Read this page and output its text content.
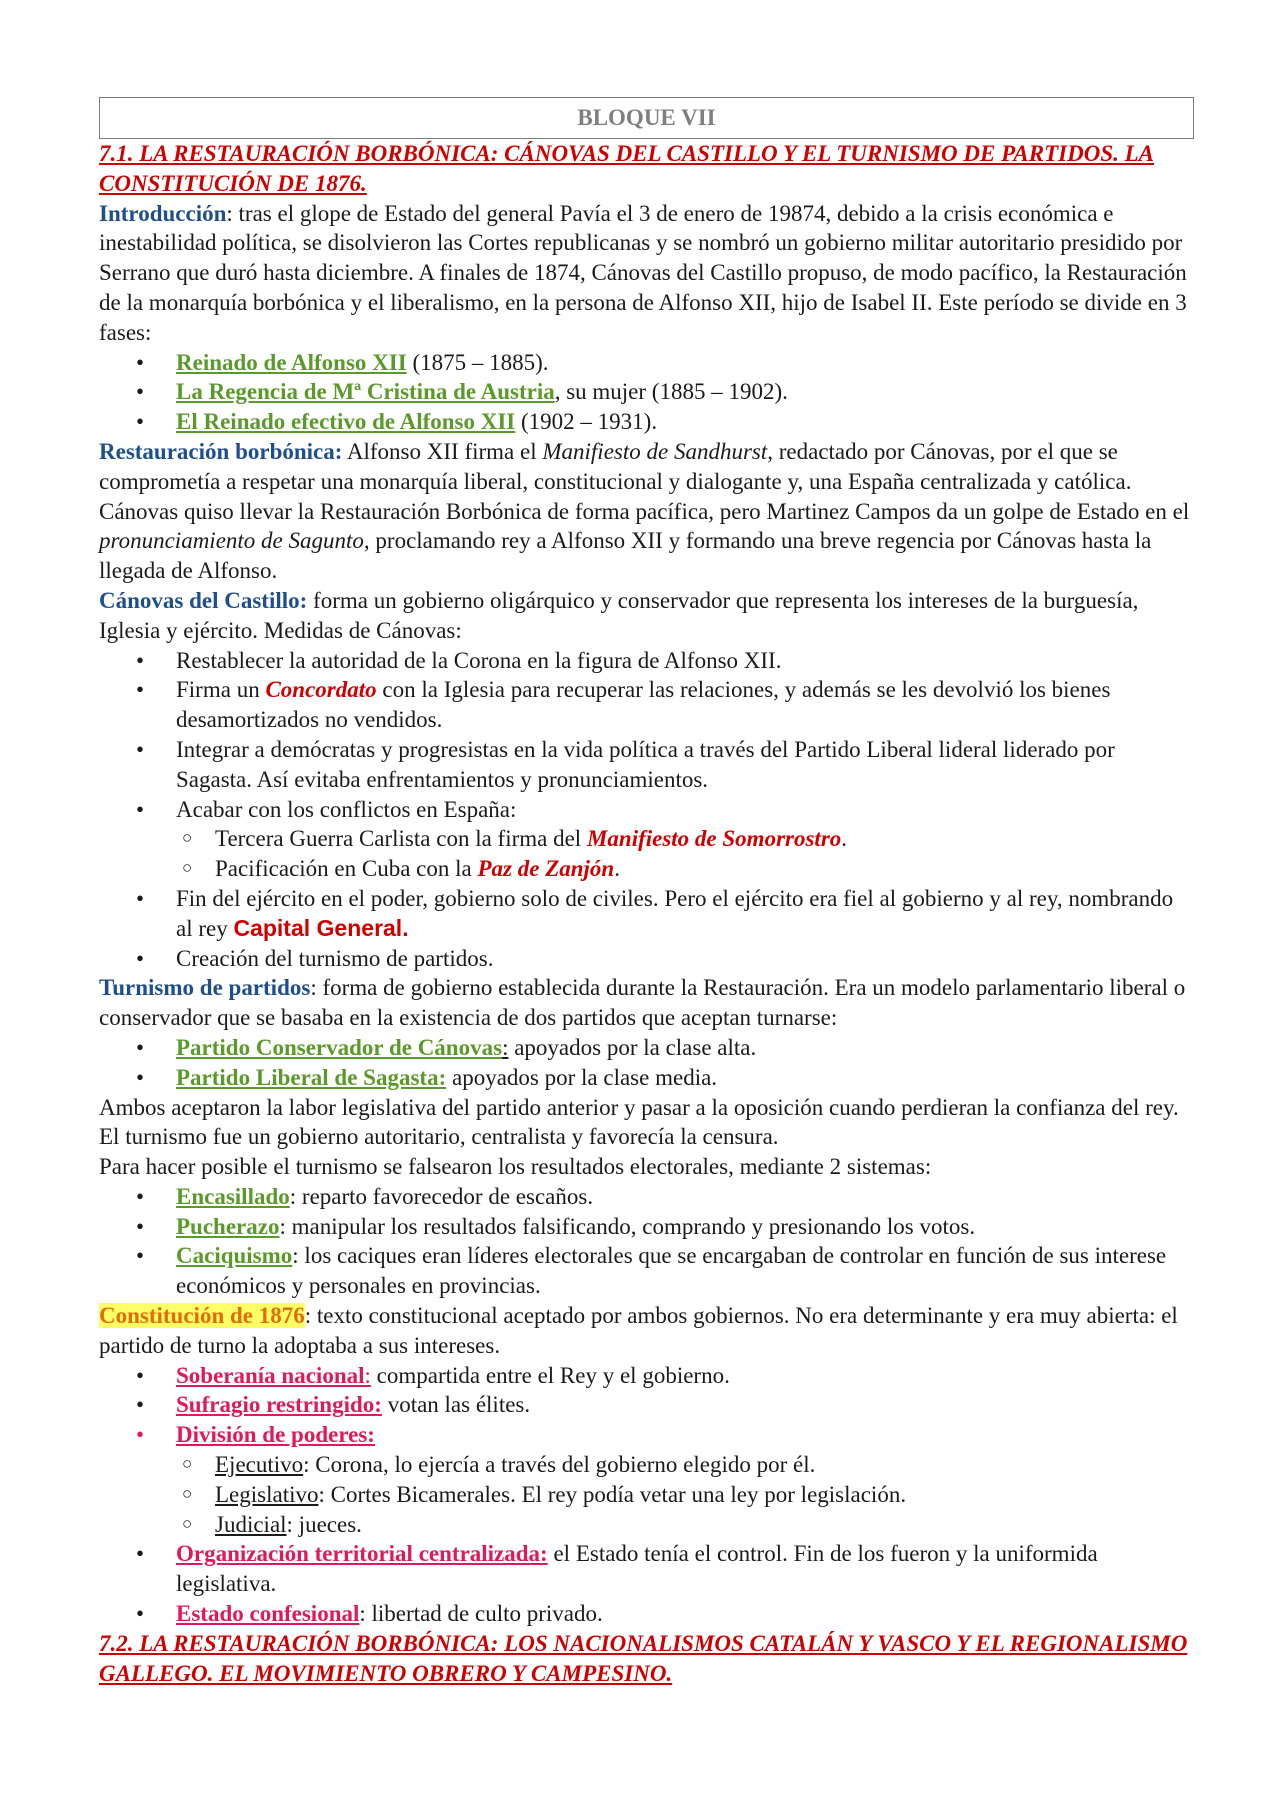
BLOQUE VII

7.1. LA RESTAURACIÓN BORBÓNICA: CÁNOVAS DEL CASTILLO Y EL TURNISMO DE PARTIDOS. LA CONSTITUCIÓN DE 1876.

Introducción: tras el glope de Estado del general Pavía el 3 de enero de 19874, debido a la crisis económica e inestabilidad política, se disolvieron las Cortes republicanas y se nombró un gobierno militar autoritario presidido por Serrano que duró hasta diciembre. A finales de 1874, Cánovas del Castillo propuso, de modo pacífico, la Restauración de la monarquía borbónica y el liberalismo, en la persona de Alfonso XII, hijo de Isabel II. Este período se divide en 3 fases:

• Reinado de Alfonso XII (1875 – 1885).
• La Regencia de Mª Cristina de Austria, su mujer (1885 – 1902).
• El Reinado efectivo de Alfonso XII (1902 – 1931).

Restauración borbónica: Alfonso XII firma el Manifiesto de Sandhurst, redactado por Cánovas, por el que se comprometía a respetar una monarquía liberal, constitucional y dialogante y, una España centralizada y católica. Cánovas quiso llevar la Restauración Borbónica de forma pacífica, pero Martinez Campos da un golpe de Estado en el pronunciamiento de Sagunto, proclamando rey a Alfonso XII y formando una breve regencia por Cánovas hasta la llegada de Alfonso.

Cánovas del Castillo: forma un gobierno oligárquico y conservador que representa los intereses de la burguesía, Iglesia y ejército. Medidas de Cánovas:

• Restablecer la autoridad de la Corona en la figura de Alfonso XII.
• Firma un Concordato con la Iglesia para recuperar las relaciones, y además se les devolvió los bienes desamortizados no vendidos.
• Integrar a demócratas y progresistas en la vida política a través del Partido Liberal lideral liderado por Sagasta. Así evitaba enfrentamientos y pronunciamientos.
• Acabar con los conflictos en España:
○ Tercera Guerra Carlista con la firma del Manifiesto de Somorrostro.
○ Pacificación en Cuba con la Paz de Zanjón.
• Fin del ejército en el poder, gobierno solo de civiles. Pero el ejército era fiel al gobierno y al rey, nombrando al rey Capital General.
• Creación del turnismo de partidos.

Turnismo de partidos: forma de gobierno establecida durante la Restauración. Era un modelo parlamentario liberal o conservador que se basaba en la existencia de dos partidos que aceptan turnarse:

• Partido Conservador de Cánovas: apoyados por la clase alta.
• Partido Liberal de Sagasta: apoyados por la clase media.

Ambos aceptaron la labor legislativa del partido anterior y pasar a la oposición cuando perdieran la confianza del rey.

El turnismo fue un gobierno autoritario, centralista y favorecía la censura.

Para hacer posible el turnismo se falsearon los resultados electorales, mediante 2 sistemas:

• Encasillado: reparto favorecedor de escaños.
• Pucherazo: manipular los resultados falsificando, comprando y presionando los votos.
• Caciquismo: los caciques eran líderes electorales que se encargaban de controlar en función de sus interese económicos y personales en provincias.

Constitución de 1876: texto constitucional aceptado por ambos gobiernos. No era determinante y era muy abierta: el partido de turno la adoptaba a sus intereses.

• Soberanía nacional: compartida entre el Rey y el gobierno.
• Sufragio restringido: votan las élites.
• División de poderes:
○ Ejecutivo: Corona, lo ejercía a través del gobierno elegido por él.
○ Legislativo: Cortes Bicamerales. El rey podía vetar una ley por legislación.
○ Judicial: jueces.
• Organización territorial centralizada: el Estado tenía el control. Fin de los fueron y la uniformida legislativa.
• Estado confesional: libertad de culto privado.

7.2. LA RESTAURACIÓN BORBÓNICA: LOS NACIONALISMOS CATALÁN Y VASCO Y EL REGIONALISMO GALLEGO. EL MOVIMIENTO OBRERO Y CAMPESINO.
